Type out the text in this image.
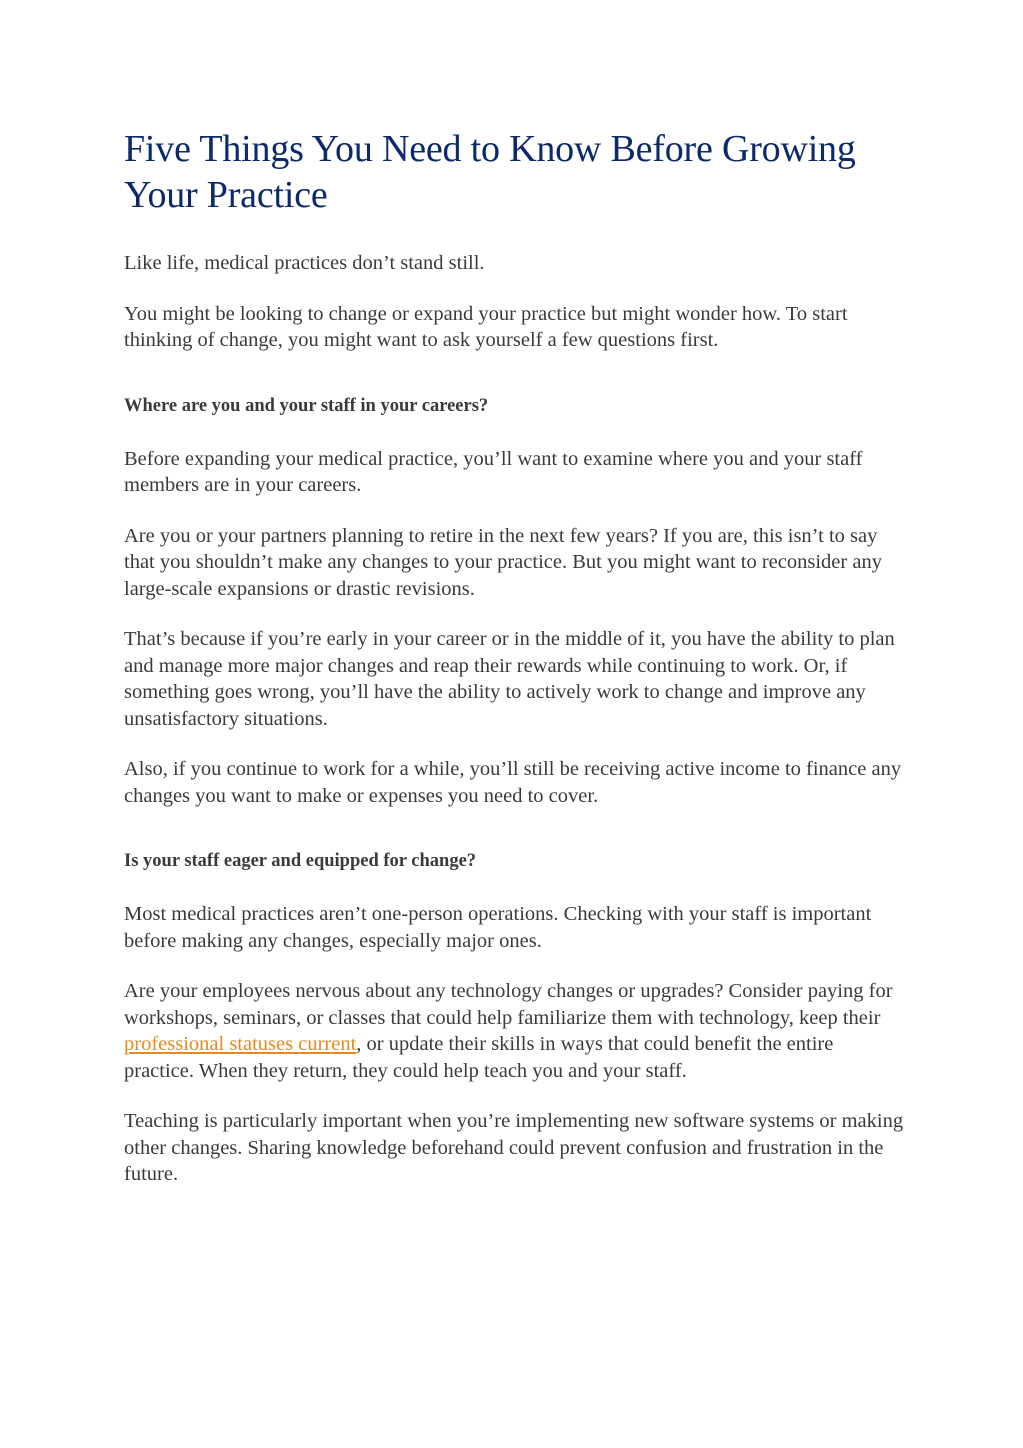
Five Things You Need to Know Before Growing Your Practice

Like life, medical practices don’t stand still.

You might be looking to change or expand your practice but might wonder how. To start thinking of change, you might want to ask yourself a few questions first.

Where are you and your staff in your careers?

Before expanding your medical practice, you’ll want to examine where you and your staff members are in your careers.

Are you or your partners planning to retire in the next few years? If you are, this isn’t to say that you shouldn’t make any changes to your practice. But you might want to reconsider any large-scale expansions or drastic revisions.

That’s because if you’re early in your career or in the middle of it, you have the ability to plan and manage more major changes and reap their rewards while continuing to work. Or, if something goes wrong, you’ll have the ability to actively work to change and improve any unsatisfactory situations.

Also, if you continue to work for a while, you’ll still be receiving active income to finance any changes you want to make or expenses you need to cover.

Is your staff eager and equipped for change?

Most medical practices aren’t one-person operations. Checking with your staff is important before making any changes, especially major ones.

Are your employees nervous about any technology changes or upgrades? Consider paying for workshops, seminars, or classes that could help familiarize them with technology, keep their professional statuses current, or update their skills in ways that could benefit the entire practice. When they return, they could help teach you and your staff.

Teaching is particularly important when you’re implementing new software systems or making other changes. Sharing knowledge beforehand could prevent confusion and frustration in the future.
